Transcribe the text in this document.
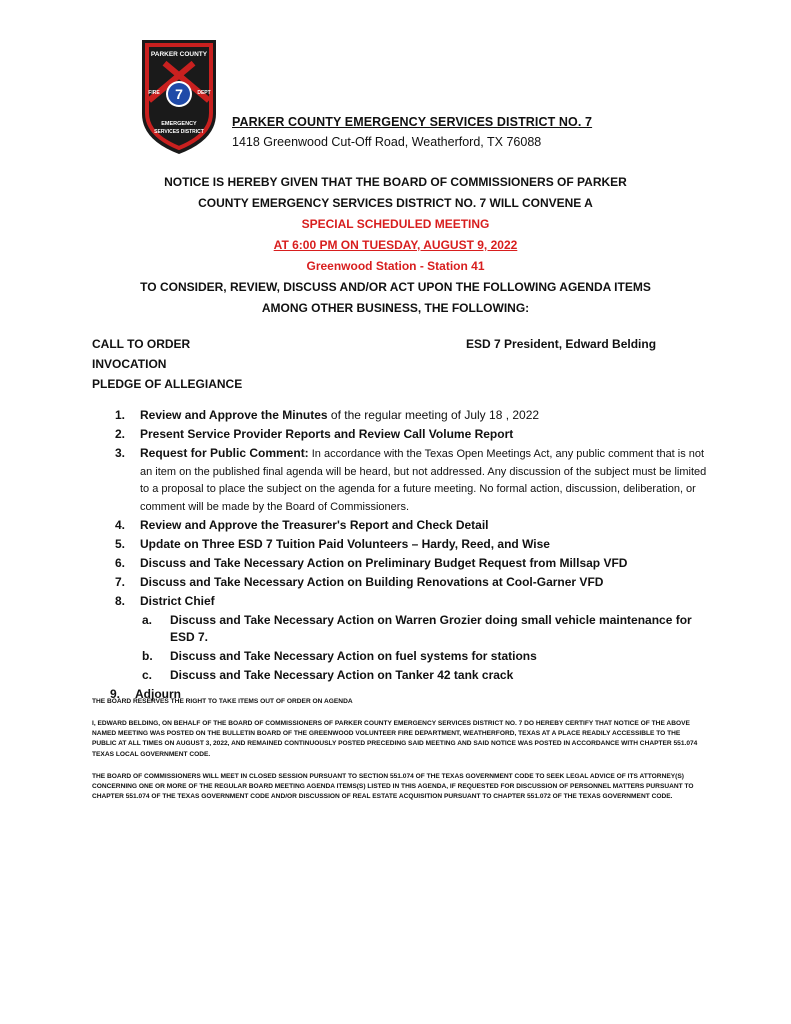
7
PARKER COUNTY
FIRE	DEPT
EMERGENCY
SERVICES DISTRICT
PARKER COUNTY EMERGENCY SERVICES DISTRICT NO. 7
1418 Greenwood Cut-Off Road, Weatherford, TX 76088
NOTICE IS HEREBY GIVEN THAT THE BOARD OF COMMISSIONERS OF PARKER
COUNTY EMERGENCY SERVICES DISTRICT NO. 7 WILL CONVENE A
SPECIAL SCHEDULED MEETING
AT 6:00 PM ON TUESDAY, AUGUST 9, 2022
Greenwood Station - Station 41
TO CONSIDER, REVIEW, DISCUSS AND/OR ACT UPON THE FOLLOWING AGENDA ITEMS
AMONG OTHER BUSINESS, THE FOLLOWING:
CALL TO ORDER
INVOCATION
PLEDGE OF ALLEGIANCE
ESD 7 President, Edward Belding
1. Review and Approve the Minutes of the regular meeting of July 18 , 2022
2. Present Service Provider Reports and Review Call Volume Report
3. Request for Public Comment: In accordance with the Texas Open Meetings Act, any public comment that is not an item on the published final agenda will be heard, but not addressed. Any discussion of the subject must be limited to a proposal to place the subject on the agenda for a future meeting. No formal action, discussion, deliberation, or comment will be made by the Board of Commissioners.
4. Review and Approve the Treasurer's Report and Check Detail
5. Update on Three ESD 7 Tuition Paid Volunteers – Hardy, Reed, and Wise
6. Discuss and Take Necessary Action on Preliminary Budget Request from Millsap VFD
7. Discuss and Take Necessary Action on Building Renovations at Cool-Garner VFD
8. District Chief
a. Discuss and Take Necessary Action on Warren Grozier doing small vehicle maintenance for ESD 7.
b. Discuss and Take Necessary Action on fuel systems for stations
c. Discuss and Take Necessary Action on Tanker 42 tank crack
9. Adjourn
THE BOARD RESERVES THE RIGHT TO TAKE ITEMS OUT OF ORDER ON AGENDA
I, EDWARD BELDING, ON BEHALF OF THE BOARD OF COMMISSIONERS OF PARKER COUNTY EMERGENCY SERVICES DISTRICT NO. 7 DO HEREBY CERTIFY THAT NOTICE OF THE ABOVE NAMED MEETING WAS POSTED ON THE BULLETIN BOARD OF THE GREENWOOD VOLUNTEER FIRE DEPARTMENT, WEATHERFORD, TEXAS AT A PLACE READILY ACCESSIBLE TO THE PUBLIC AT ALL TIMES ON AUGUST 3, 2022, AND REMAINED CONTINUOUSLY POSTED PRECEDING SAID MEETING AND SAID NOTICE WAS POSTED IN ACCORDANCE WITH CHAPTER 551.074 TEXAS LOCAL GOVERNMENT CODE.
THE BOARD OF COMMISSIONERS WILL MEET IN CLOSED SESSION PURSUANT TO SECTION 551.074 OF THE TEXAS GOVERNMENT CODE TO SEEK LEGAL ADVICE OF ITS ATTORNEY(S) CONCERNING ONE OR MORE OF THE REGULAR BOARD MEETING AGENDA ITEMS(S) LISTED IN THIS AGENDA, IF REQUESTED FOR DISCUSSION OF PERSONNEL MATTERS PURSUANT TO CHAPTER 551.074 OF THE TEXAS GOVERNMENT CODE AND/OR DISCUSSION OF REAL ESTATE ACQUISITION PURSUANT TO CHAPTER 551.072 OF THE TEXAS GOVERNMENT CODE.
